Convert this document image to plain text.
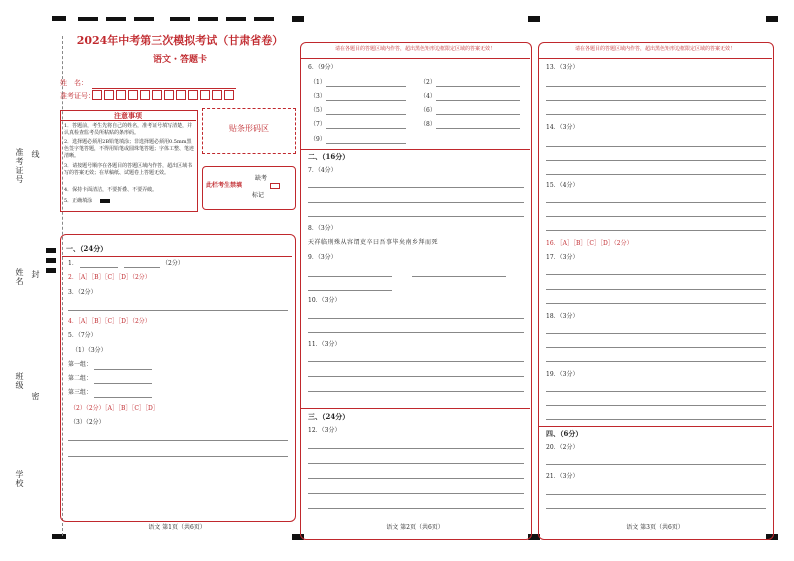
准考证号 线
姓名 封
班级
密
学校
2024年中考第三次模拟考试（甘肃省卷）
语文・答题卡
姓　名：
准考证号：
注意事项
1．答题前，考生先将自己的姓名，准考证号填写清楚，并认真检查监考员所粘贴的条形码。
2．选择题必须用2B铅笔填涂；非选择题必须用0.5mm黑色签字笔答题，不得用铅笔或圆珠笔答题；字体工整、笔迹清晰。
3．请按题号顺序在各题目的答题区域内作答，超出区域书写的答案无效；在草稿纸、试题卷上答题无效。
4．保持卡面清洁，不要折叠、不要弄破。
5．正确填涂
贴条形码区
此栏考生禁填
缺考
标记
一、（24分）
1．	（2分）
2．［A］［B］［C］［D］（2分）
3．（2分）
4．［A］［B］［C］［D］（2分）
5．（7分）
（1）（3分）
第一组：
第二组：
第三组：
（2）（2分）［A］［B］［C］［D］
（3）（2分）
语文 第1页（共6页）
请在各题目的答题区域内作答，超出黑色矩形边框限定区域的答案无效！
6．（9分）
（1）	（2）
（3）	（4）
（5）	（6）
（7）	（8）
（9）
二、（16分）
7．（4分）
8．（3分）
天祥临刑殊从容谓吏卒曰吾事毕矣南乡拜而死
9．（3分）
10．（3分）
11．（3分）
三、（24分）
12．（3分）
语文 第2页（共6页）
请在各题目的答题区域内作答，超出黑色矩形边框限定区域的答案无效！
13．（3分）
14．（3分）
15．（4分）
16．［A］［B］［C］［D］（2分）
17．（3分）
18．（3分）
19．（3分）
四、（6分）
20．（2分）
21．（3分）
语文 第3页（共6页）
